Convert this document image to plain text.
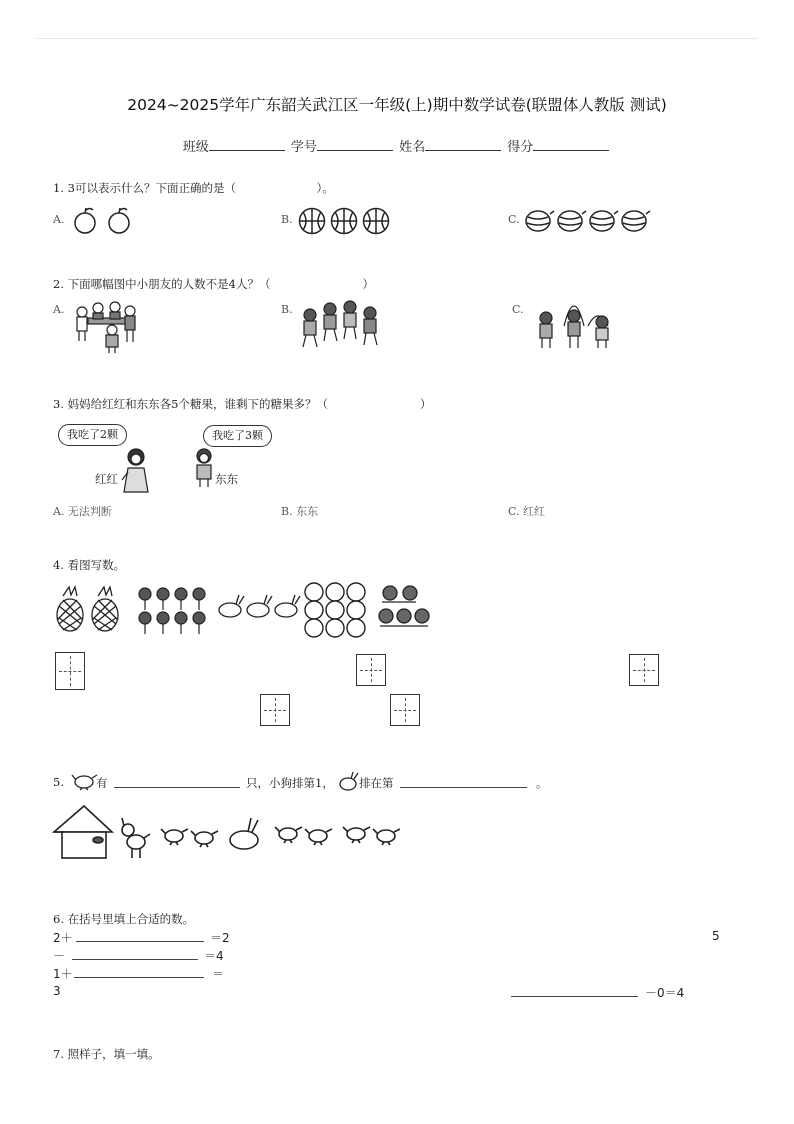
2024~2025学年广东韶关武江区一年级(上)期中数学试卷(联盟体人教版 测试)
班级	学号	姓名	得分
1. 3可以表示什么？下面正确的是（　　　　　　　）。
A.	B.	C.
2. 下面哪幅图中小朋友的人数不是4人？（　　　　　　　　）
A.	B.	C.
3. 妈妈给红红和东东各5个糖果，谁剩下的糖果多？（　　　　　　　　）
我吃了2颗	我吃了3颗
红红	东东
A. 无法判断	B. 东东	C. 红红
4. 看图写数。
5.	有	只，小狗排第1， 排在第	。
6. 在括号里填上合适的数。
2＋	＝2	5
－	＝4
1＋	＝
3	－0＝4
7. 照样子，填一填。
